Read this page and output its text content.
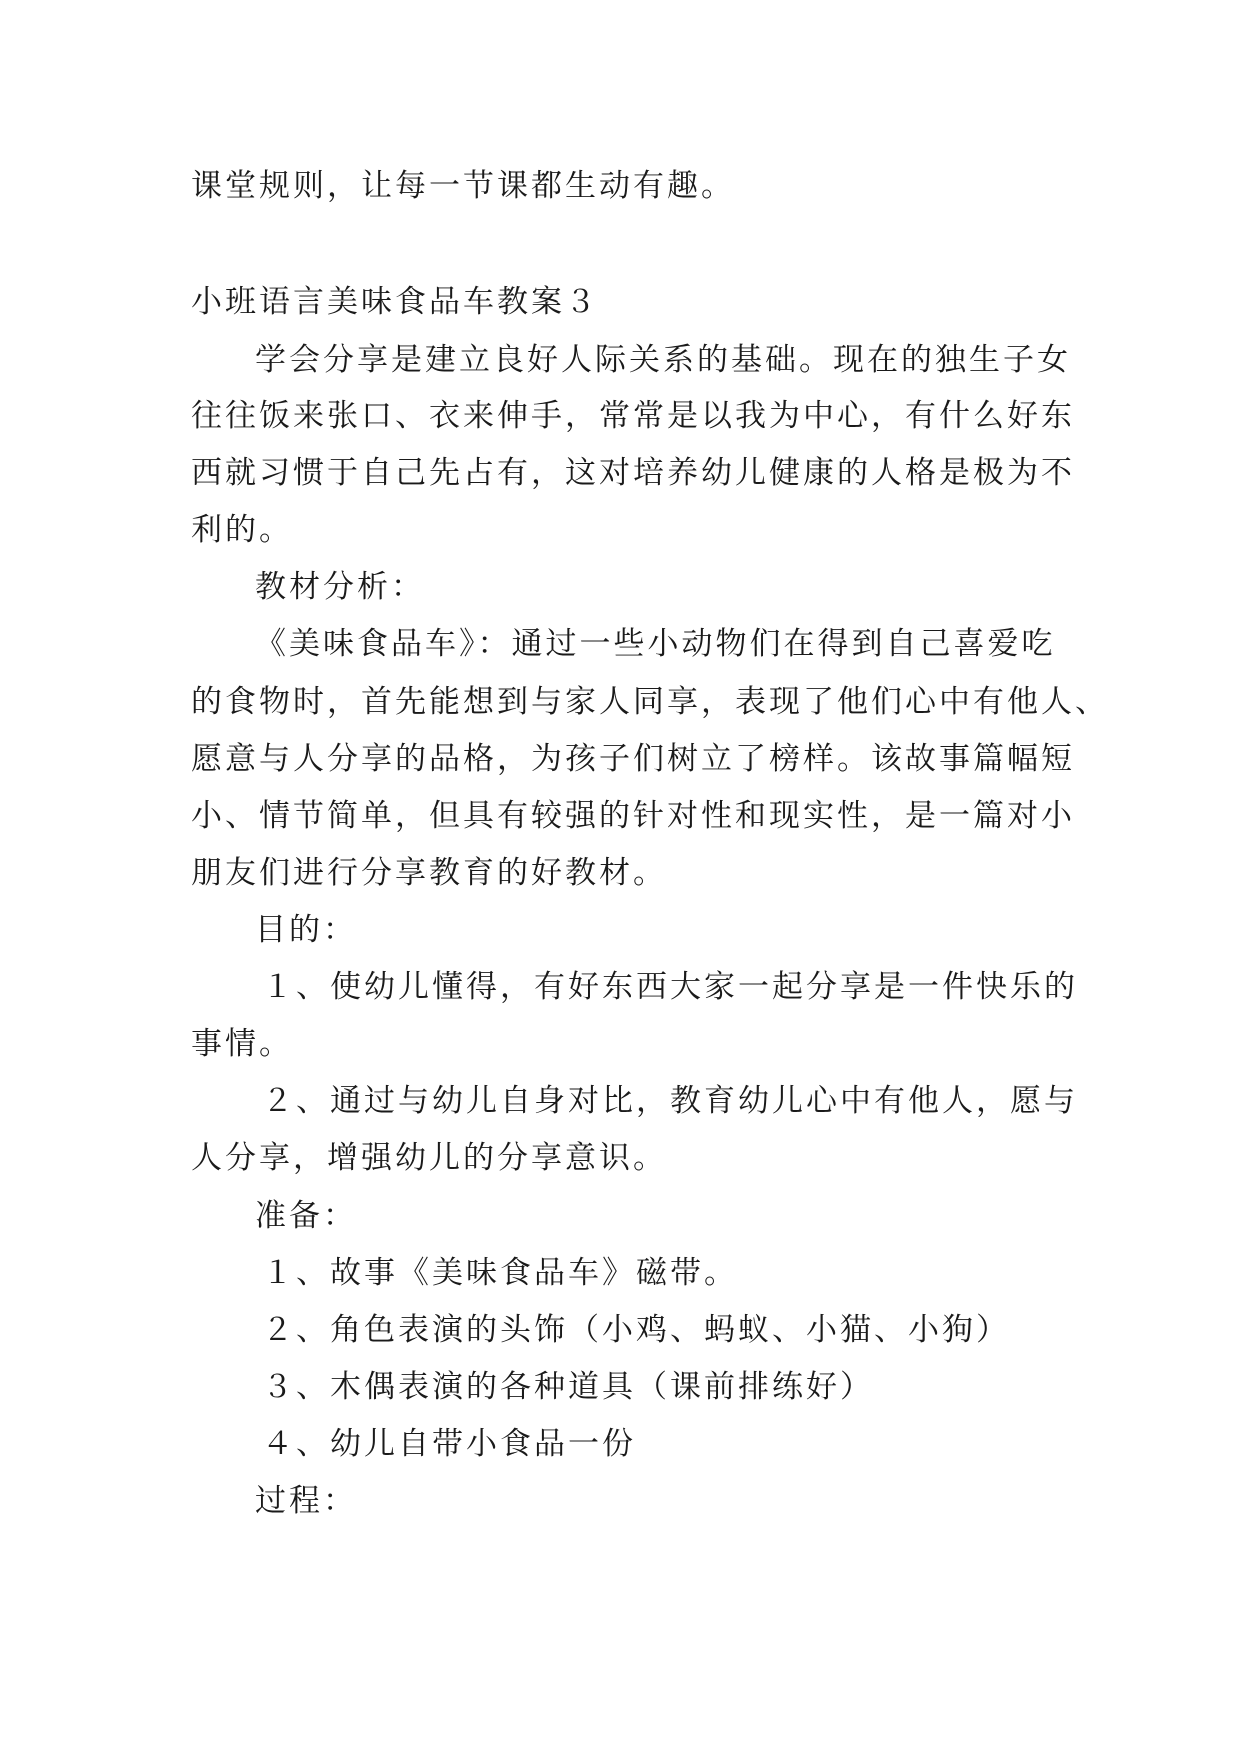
课堂规则，让每一节课都生动有趣。
小班语言美味食品车教案３
学会分享是建立良好人际关系的基础。现在的独生子女
往往饭来张口、衣来伸手，常常是以我为中心，有什么好东
西就习惯于自己先占有，这对培养幼儿健康的人格是极为不
利的。
教材分析：
《美味食品车》：通过一些小动物们在得到自己喜爱吃
的食物时，首先能想到与家人同享，表现了他们心中有他人、
愿意与人分享的品格，为孩子们树立了榜样。该故事篇幅短
小、情节简单，但具有较强的针对性和现实性，是一篇对小
朋友们进行分享教育的好教材。
目的：
１、使幼儿懂得，有好东西大家一起分享是一件快乐的
事情。
２、通过与幼儿自身对比，教育幼儿心中有他人，愿与
人分享，增强幼儿的分享意识。
准备：
１、故事《美味食品车》磁带。
２、角色表演的头饰（小鸡、蚂蚁、小猫、小狗）
３、木偶表演的各种道具（课前排练好）
４、幼儿自带小食品一份
过程：
